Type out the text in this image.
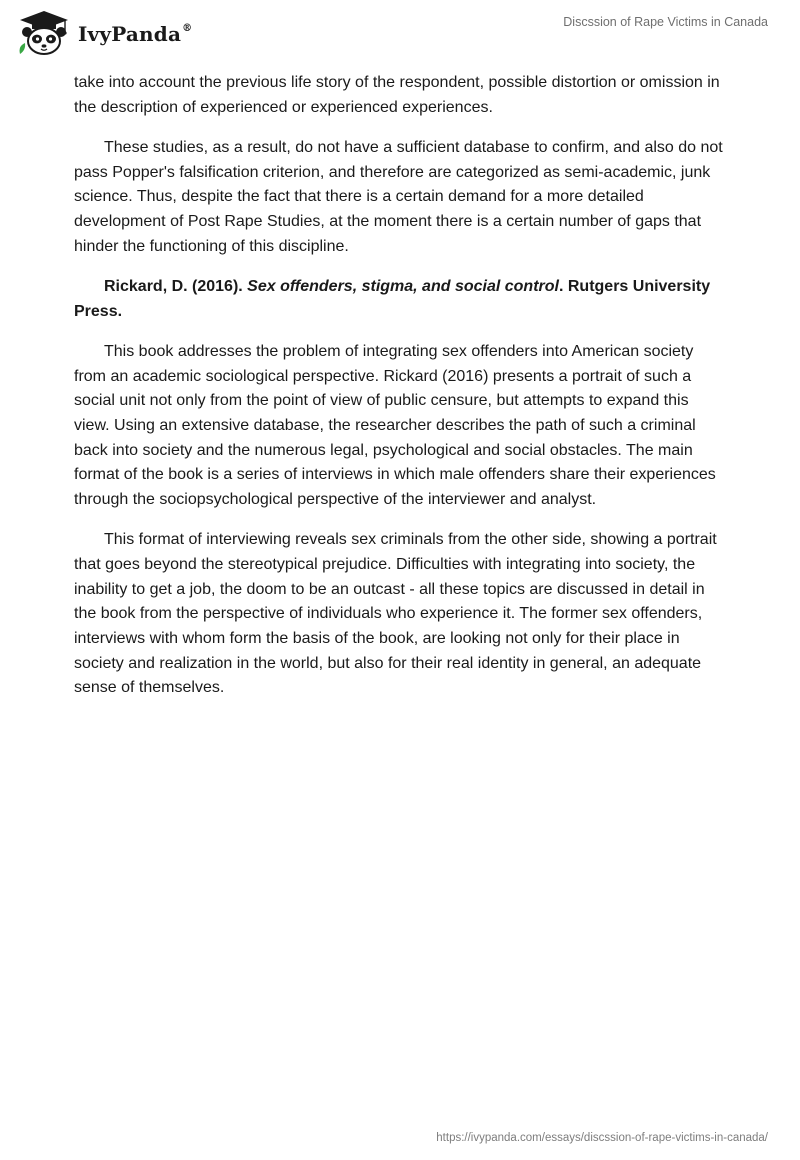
IvyPanda®	Discssion of Rape Victims in Canada

take into account the previous life story of the respondent, possible distortion or omission in the description of experienced or experienced experiences.

These studies, as a result, do not have a sufficient database to confirm, and also do not pass Popper's falsification criterion, and therefore are categorized as semi-academic, junk science. Thus, despite the fact that there is a certain demand for a more detailed development of Post Rape Studies, at the moment there is a certain number of gaps that hinder the functioning of this discipline.

Rickard, D. (2016). Sex offenders, stigma, and social control. Rutgers University Press.

This book addresses the problem of integrating sex offenders into American society from an academic sociological perspective. Rickard (2016) presents a portrait of such a social unit not only from the point of view of public censure, but attempts to expand this view. Using an extensive database, the researcher describes the path of such a criminal back into society and the numerous legal, psychological and social obstacles. The main format of the book is a series of interviews in which male offenders share their experiences through the sociopsychological perspective of the interviewer and analyst.

This format of interviewing reveals sex criminals from the other side, showing a portrait that goes beyond the stereotypical prejudice. Difficulties with integrating into society, the inability to get a job, the doom to be an outcast - all these topics are discussed in detail in the book from the perspective of individuals who experience it. The former sex offenders, interviews with whom form the basis of the book, are looking not only for their place in society and realization in the world, but also for their real identity in general, an adequate sense of themselves.

https://ivypanda.com/essays/discssion-of-rape-victims-in-canada/
